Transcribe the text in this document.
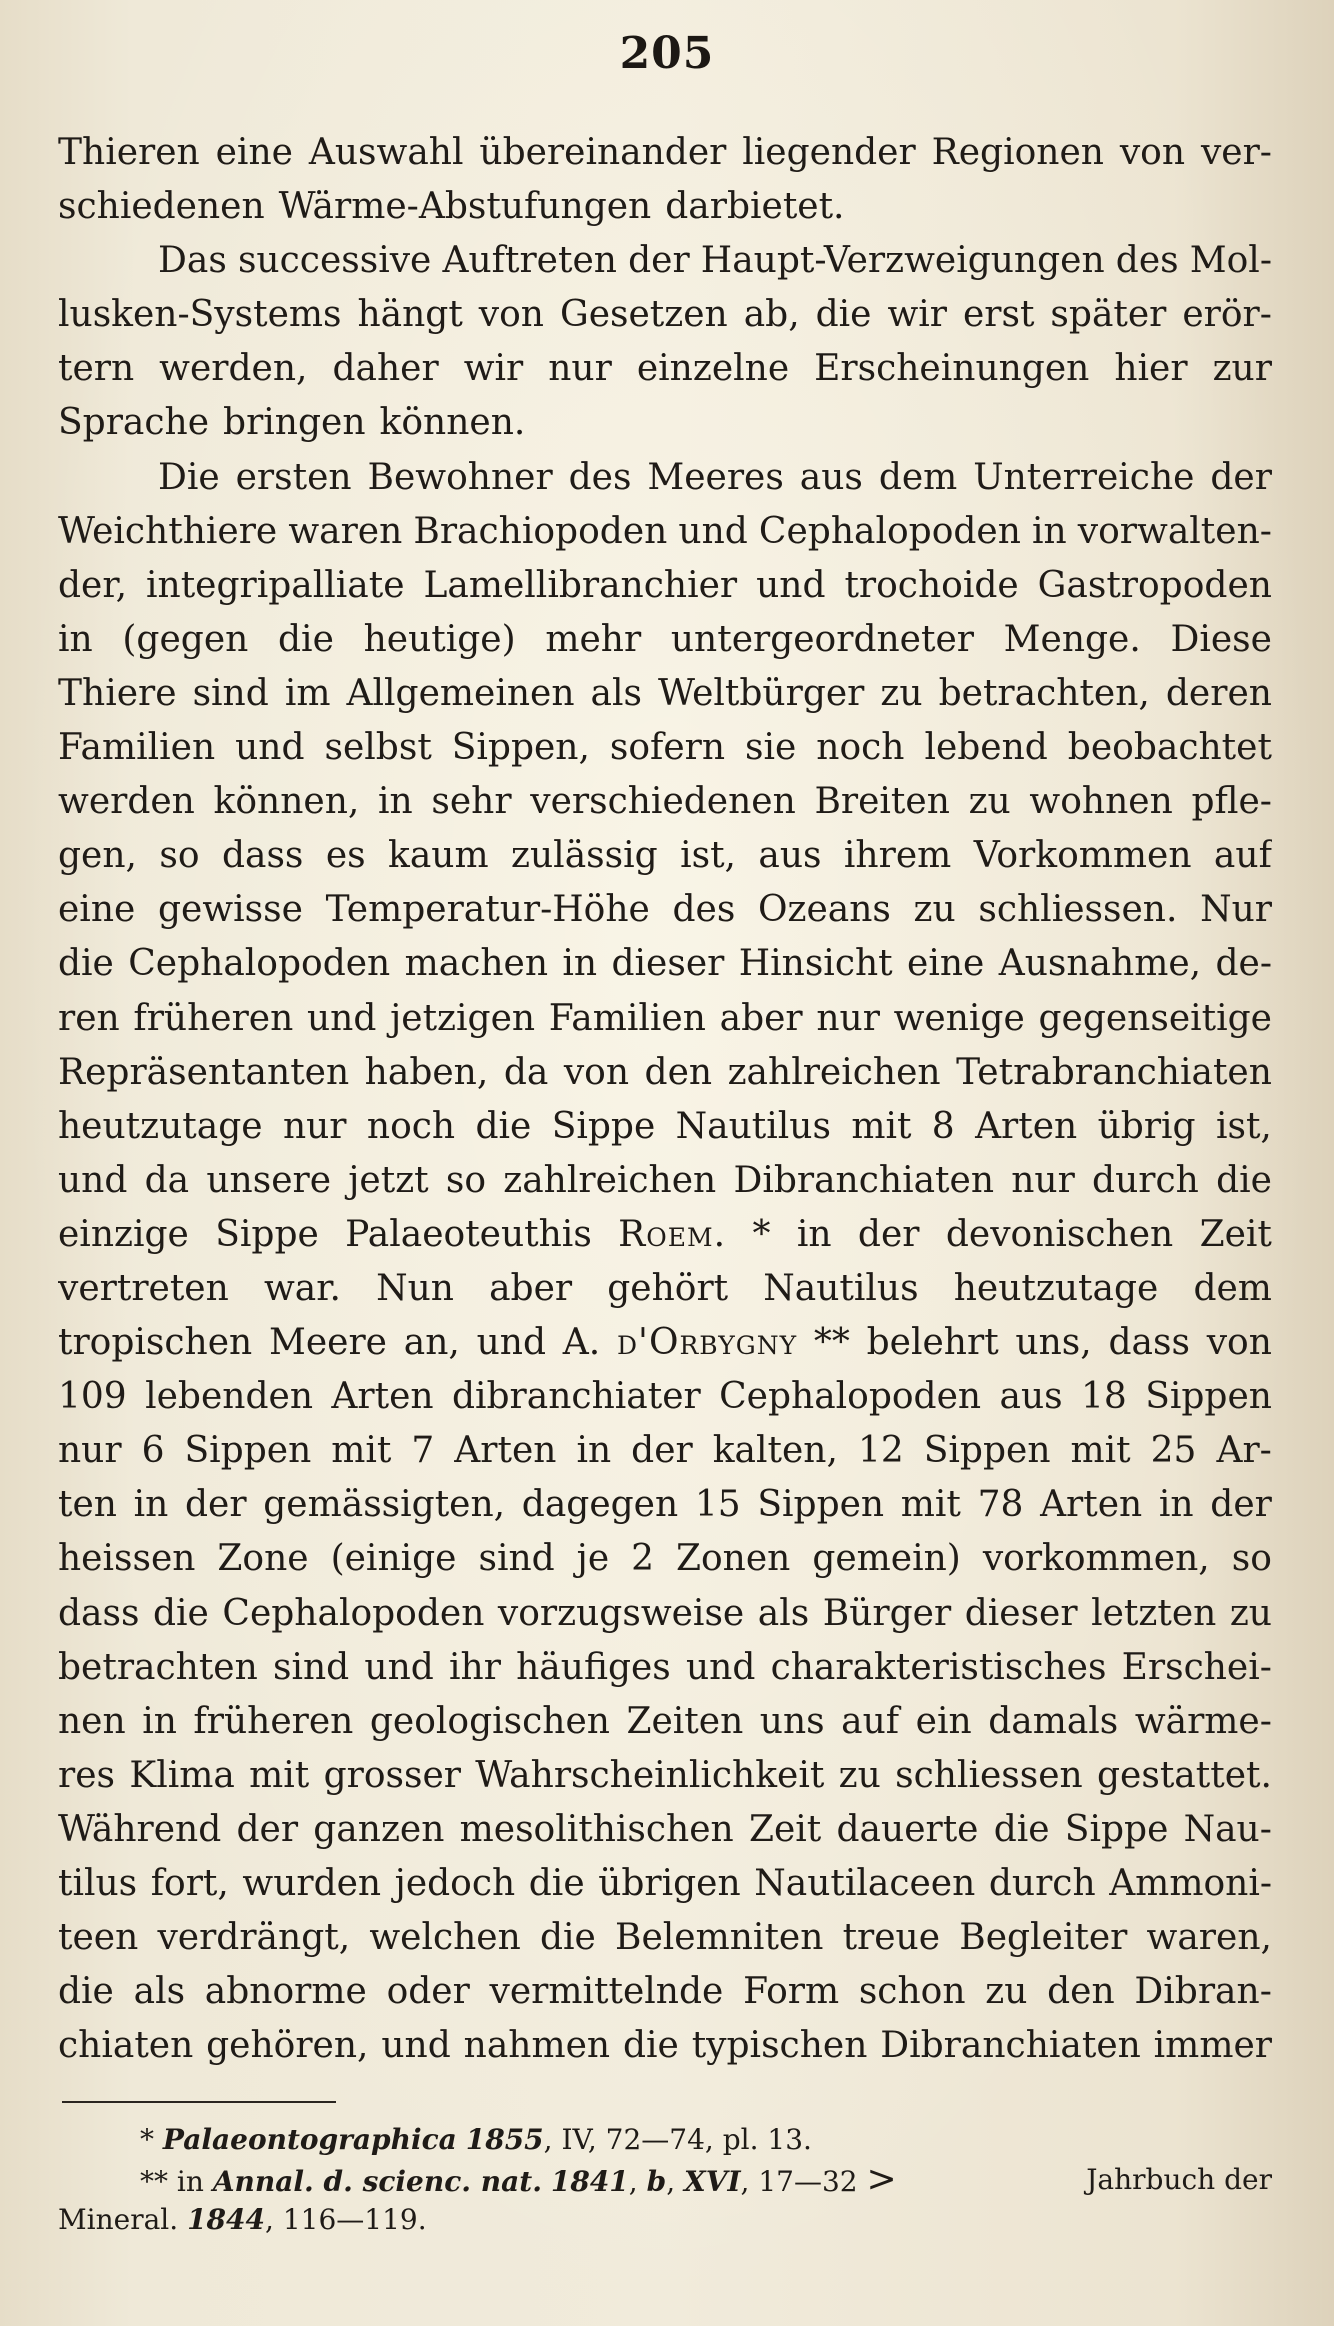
205
Thieren eine Auswahl übereinander liegender Regionen von ver-
schiedenen Wärme-Abstufungen darbietet.
Das successive Auftreten der Haupt-Verzweigungen des Mol-
lusken-Systems hängt von Gesetzen ab, die wir erst später erör-
tern werden, daher wir nur einzelne Erscheinungen hier zur
Sprache bringen können.
Die ersten Bewohner des Meeres aus dem Unterreiche der
Weichthiere waren Brachiopoden und Cephalopoden in vorwalten-
der, integripalliate Lamellibranchier und trochoide Gastropoden
in (gegen die heutige) mehr untergeordneter Menge. Diese
Thiere sind im Allgemeinen als Weltbürger zu betrachten, deren
Familien und selbst Sippen, sofern sie noch lebend beobachtet
werden können, in sehr verschiedenen Breiten zu wohnen pfle-
gen, so dass es kaum zulässig ist, aus ihrem Vorkommen auf
eine gewisse Temperatur-Höhe des Ozeans zu schliessen. Nur
die Cephalopoden machen in dieser Hinsicht eine Ausnahme, de-
ren früheren und jetzigen Familien aber nur wenige gegenseitige
Repräsentanten haben, da von den zahlreichen Tetrabranchiaten
heutzutage nur noch die Sippe Nautilus mit 8 Arten übrig ist,
und da unsere jetzt so zahlreichen Dibranchiaten nur durch die
einzige Sippe Palaeoteuthis Roem. * in der devonischen Zeit
vertreten war. Nun aber gehört Nautilus heutzutage dem
tropischen Meere an, und A. d'Orbygny ** belehrt uns, dass von
109 lebenden Arten dibranchiater Cephalopoden aus 18 Sippen
nur 6 Sippen mit 7 Arten in der kalten, 12 Sippen mit 25 Ar-
ten in der gemässigten, dagegen 15 Sippen mit 78 Arten in der
heissen Zone (einige sind je 2 Zonen gemein) vorkommen, so
dass die Cephalopoden vorzugsweise als Bürger dieser letzten zu
betrachten sind und ihr häufiges und charakteristisches Erschei-
nen in früheren geologischen Zeiten uns auf ein damals wärme-
res Klima mit grosser Wahrscheinlichkeit zu schliessen gestattet.
Während der ganzen mesolithischen Zeit dauerte die Sippe Nau-
tilus fort, wurden jedoch die übrigen Nautilaceen durch Ammoni-
teen verdrängt, welchen die Belemniten treue Begleiter waren,
die als abnorme oder vermittelnde Form schon zu den Dibran-
chiaten gehören, und nahmen die typischen Dibranchiaten immer
* Palaeontographica 1855, IV, 72—74, pl. 13.
** in Annal. d. scienc. nat. 1841, b, XVI, 17—32 >	Jahrbuch der
Mineral. 1844, 116—119.
